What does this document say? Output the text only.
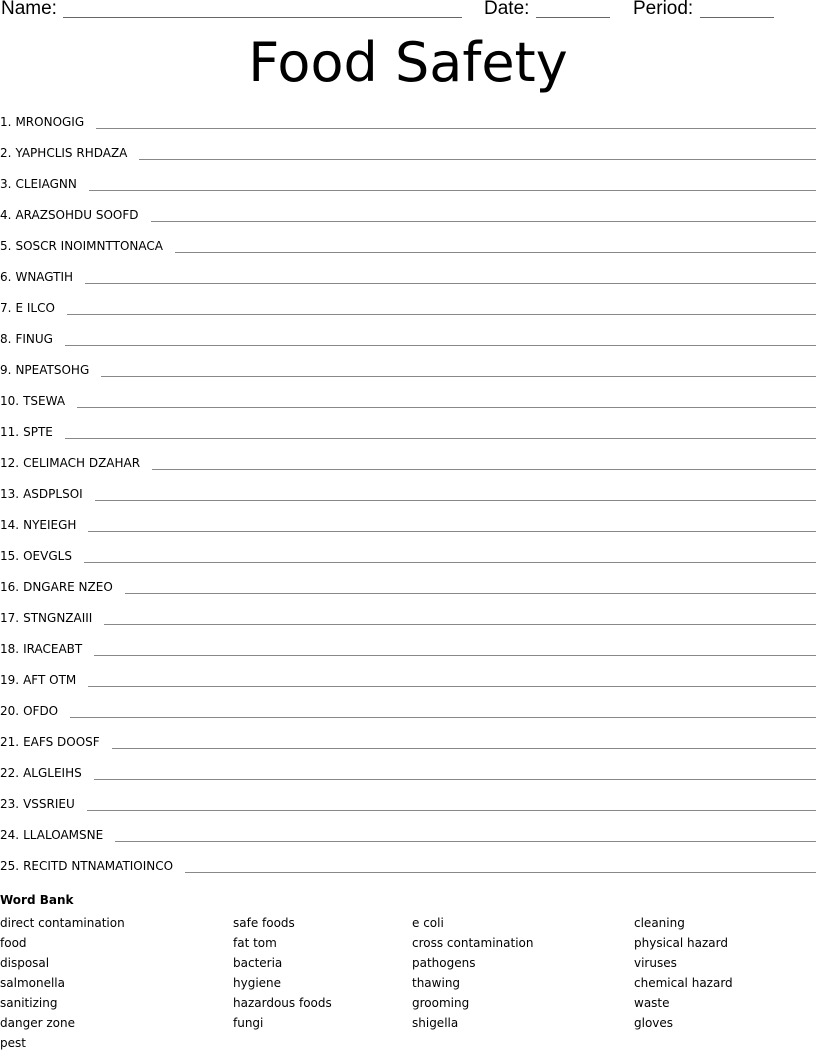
Name:	Date:	Period:
Food Safety
1. MRONOGIG
2. YAPHCLIS RHDAZA
3. CLEIAGNN
4. ARAZSOHDU SOOFD
5. SOSCR INOIMNTTONACA
6. WNAGTIH
7. E ILCO
8. FINUG
9. NPEATSOHG
10. TSEWA
11. SPTE
12. CELIMACH DZAHAR
13. ASDPLSOI
14. NYEIEGH
15. OEVGLS
16. DNGARE NZEO
17. STNGNZAIII
18. IRACEABT
19. AFT OTM
20. OFDO
21. EAFS DOOSF
22. ALGLEIHS
23. VSSRIEU
24. LLALOAMSNE
25. RECITD NTNAMATIOINCO
Word Bank
direct contamination
food
disposal
salmonella
sanitizing
danger zone
pest
safe foods
fat tom
bacteria
hygiene
hazardous foods
fungi
e coli
cross contamination
pathogens
thawing
grooming
shigella
cleaning
physical hazard
viruses
chemical hazard
waste
gloves
